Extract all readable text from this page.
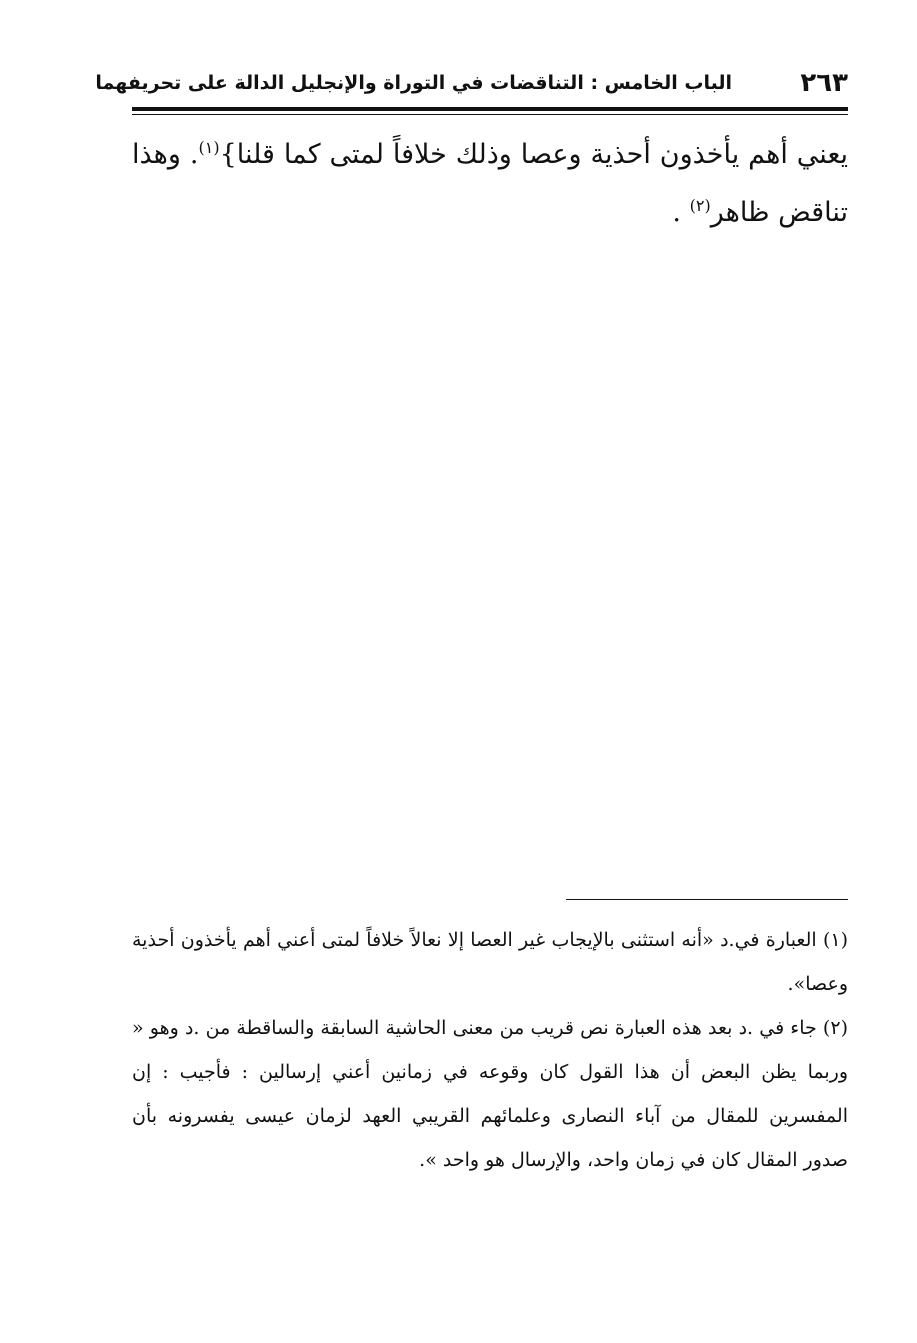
٢٦٣
الباب الخامس : التناقضات في التوراة والإنجليل الدالة على تحريفهما

يعني أهم يأخذون أحذية وعصا وذلك خلافاً لمتى كما قلنا}$^{(١)}$. وهذا تناقض ظاهر$^{(٢)}$ .

(١) العبارة في.د «أنه استثنى بالإيجاب غير العصا إلا نعالاً خلافاً لمتى أعني أهم يأخذون أحذية وعصا».

(٢) جاء في .د بعد هذه العبارة نص قريب من معنى الحاشية السابقة والساقطة من .د وهو « وربما يظن البعض أن هذا القول كان وقوعه في زمانين أعني إرسالين : فأجيب : إن المفسرين للمقال من آباء النصارى وعلمائهم القريبي العهد لزمان عيسى يفسرونه بأن صدور المقال كان في زمان واحد، والإرسال هو واحد ».
